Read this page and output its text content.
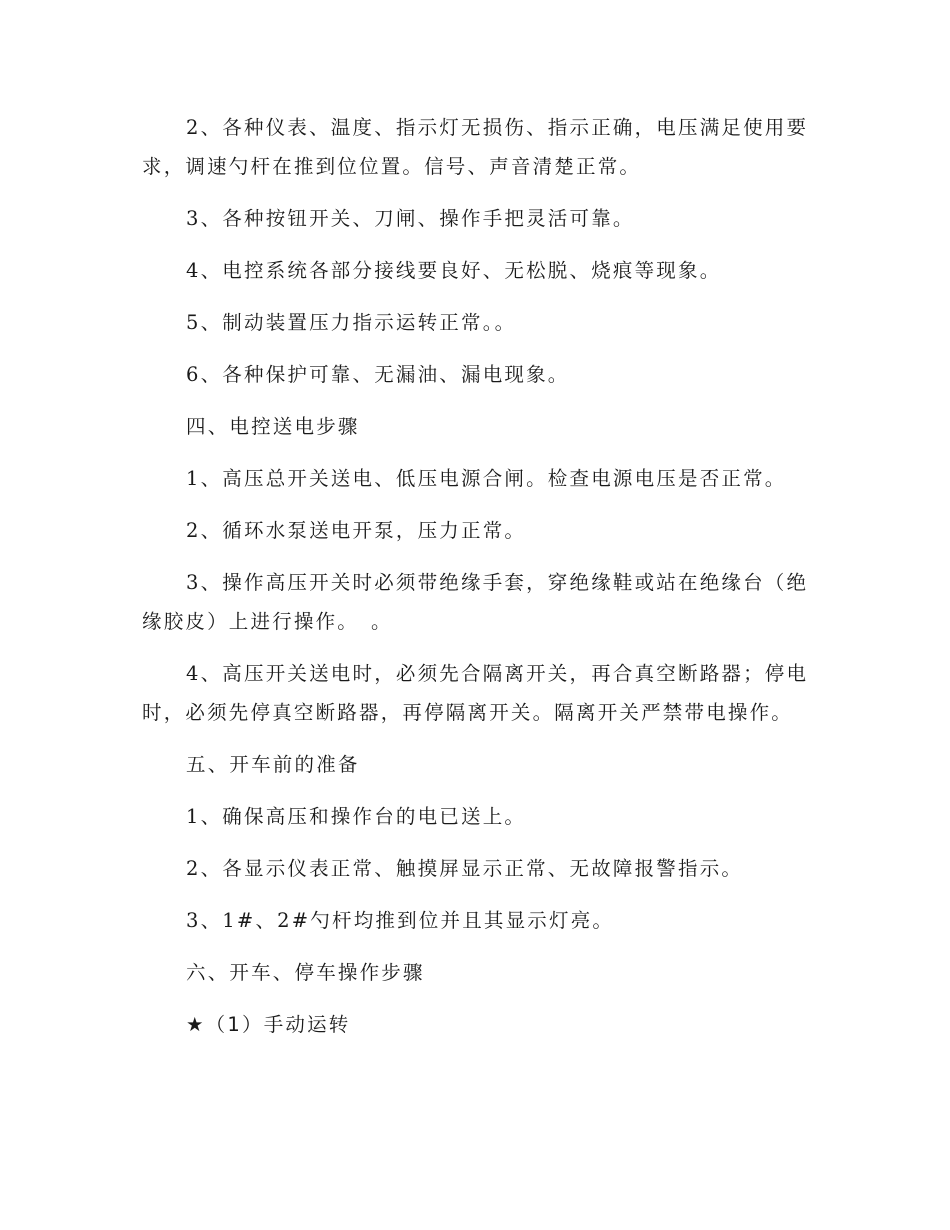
2、各种仪表、温度、指示灯无损伤、指示正确，电压满足使用要求，调速勺杆在推到位位置。信号、声音清楚正常。

3、各种按钮开关、刀闸、操作手把灵活可靠。

4、电控系统各部分接线要良好、无松脱、烧痕等现象。

5、制动装置压力指示运转正常。。

6、各种保护可靠、无漏油、漏电现象。

四、电控送电步骤

1、高压总开关送电、低压电源合闸。检查电源电压是否正常。

2、循环水泵送电开泵，压力正常。

3、操作高压开关时必须带绝缘手套，穿绝缘鞋或站在绝缘台（绝缘胶皮）上进行操作。　。

4、高压开关送电时，必须先合隔离开关，再合真空断路器；停电时，必须先停真空断路器，再停隔离开关。隔离开关严禁带电操作。

五、开车前的准备

1、确保高压和操作台的电已送上。

2、各显示仪表正常、触摸屏显示正常、无故障报警指示。

3、1#、2#勺杆均推到位并且其显示灯亮。

六、开车、停车操作步骤

★（1）手动运转
